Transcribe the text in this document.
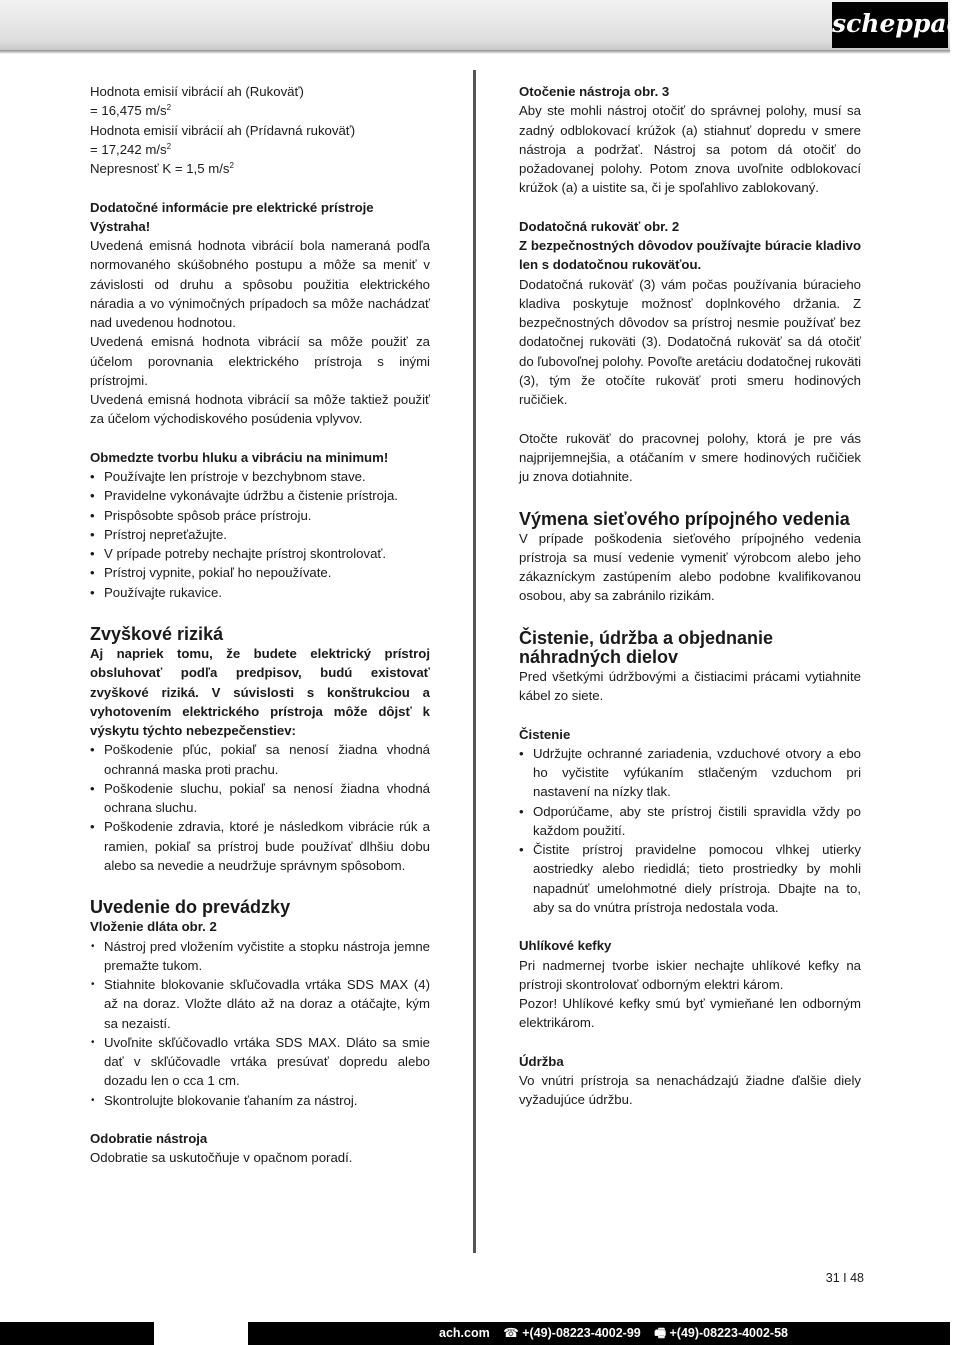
scheppach

Hodnota emisií vibrácií ah (Rukoväť)

= 16,475 $m/s^2$

Hodnota emisií vibrácií ah (Prídavná rukoväť)

= 17,242 $m/s^2$

Nepresnosť K = 1,5 $m/s^2$

Dodatočné informácie pre elektrické prístroje

Výstraha!

Uvedená emisná hodnota vibrácií bola nameraná podľa normovaného skúšobného postupu a môže sa meniť v závislosti od druhu a spôsobu použitia elektrického náradia a vo výnimočných prípadoch sa môže nachádzať nad uvedenou hodnotou.

Uvedená emisná hodnota vibrácií sa môže použiť za účelom porovnania elektrického prístroja s inými prístrojmi.

Uvedená emisná hodnota vibrácií sa môže taktiež použiť za účelom východiskového posúdenia vplyvov.

Obmedzte tvorbu hluku a vibráciu na minimum!

• Používajte len prístroje v bezchybnom stave.
• Pravidelne vykonávajte údržbu a čistenie prístroja.
• Prispôsobte spôsob práce prístroju.
• Prístroj nepreťažujte.
• V prípade potreby nechajte prístroj skontrolovať.
• Prístroj vypnite, pokiaľ ho nepoužívate.
• Používajte rukavice.
Zvyškové riziká

Aj napriek tomu, že budete elektrický prístroj obsluhovať podľa predpisov, budú existovať zvyškové riziká. V súvislosti s konštrukciou a vyhotovením elektrického prístroja môže dôjsť k výskytu týchto nebezpečenstiev:

• Poškodenie pľúc, pokiaľ sa nenosí žiadna vhodná ochranná maska proti prachu.
• Poškodenie sluchu, pokiaľ sa nenosí žiadna vhodná ochrana sluchu.
• Poškodenie zdravia, ktoré je následkom vibrácie rúk a ramien, pokiaľ sa prístroj bude používať dlhšiu dobu alebo sa nevedie a neudržuje správnym spôsobom.
Uvedenie do prevádzky

Vloženie dláta obr. 2

• Nástroj pred vložením vyčistite a stopku nástroja jemne premažte tukom.
• Stiahnite blokovanie skľučovadla vrtáka SDS MAX (4) až na doraz. Vložte dláto až na doraz a otáčajte, kým sa nezaistí.
• Uvoľnite skľúčovadlo vrtáka SDS MAX. Dláto sa smie dať v skľúčovadle vrtáka presúvať dopredu alebo dozadu len o cca 1 cm.
• Skontrolujte blokovanie ťahaním za nástroj.

Odobratie nástroja

Odobratie sa uskutočňuje v opačnom poradí.

Otočenie nástroja obr. 3

Aby ste mohli nástroj otočiť do správnej polohy, musí sa zadný odblokovací krúžok (a) stiahnuť dopredu v smere nástroja a podržať. Nástroj sa potom dá otočiť do požadovanej polohy. Potom znova uvoľnite odblokovací krúžok (a) a uistite sa, či je spoľahlivo zablokovaný.

Dodatočná rukoväť obr. 2

Z bezpečnostných dôvodov používajte búracie kladivo len s dodatočnou rukoväťou.

Dodatočná rukoväť (3) vám počas používania búracieho kladiva poskytuje možnosť doplnkového držania. Z bezpečnostných dôvodov sa prístroj nesmie používať bez dodatočnej rukoväti (3). Dodatočná rukoväť sa dá otočiť do ľubovoľnej polohy. Povoľte aretáciu dodatočnej rukoväti (3), tým že otočíte rukoväť proti smeru hodinových ručičiek.

Otočte rukoväť do pracovnej polohy, ktorá je pre vás najprijemnejšia, a otáčaním v smere hodinových ručičiek ju znova dotiahnite.

Výmena sieťového prípojného vedenia

V prípade poškodenia sieťového prípojného vedenia prístroja sa musí vedenie vymeniť výrobcom alebo jeho zákazníckym zastúpením alebo podobne kvalifikovanou osobou, aby sa zabránilo rizikám.

Čistenie, údržba a objednanie náhradných dielov

Pred všetkými údržbovými a čistiacimi prácami vytiahnite kábel zo siete.

Čistenie

• Udržujte ochranné zariadenia, vzduchové otvory a ebo ho vyčistite vyfúkaním stlačeným vzduchom pri nastavení na nízky tlak.
• Odporúčame, aby ste prístroj čistili spravidla vždy po každom použití.
• Čistite prístroj pravidelne pomocou vlhkej utierky aostriedky alebo riedidlá; tieto prostriedky by mohli napadnúť umelohmotné diely prístroja. Dbajte na to, aby sa do vnútra prístroja nedostala voda.

Uhlíkové kefky

Pri nadmernej tvorbe iskier nechajte uhlíkové kefky na prístroji skontrolovať odborným elektri károm.

Pozor! Uhlíkové kefky smú byť vymieňané len odborným elektrikárom.

Údržba

Vo vnútri prístroja sa nenachádzajú žiadne ďalšie diely vyžadujúce údržbu.

31 I 48
ach.com ☎ +(49)-08223-4002-99 🖷 +(49)-08223-4002-58
